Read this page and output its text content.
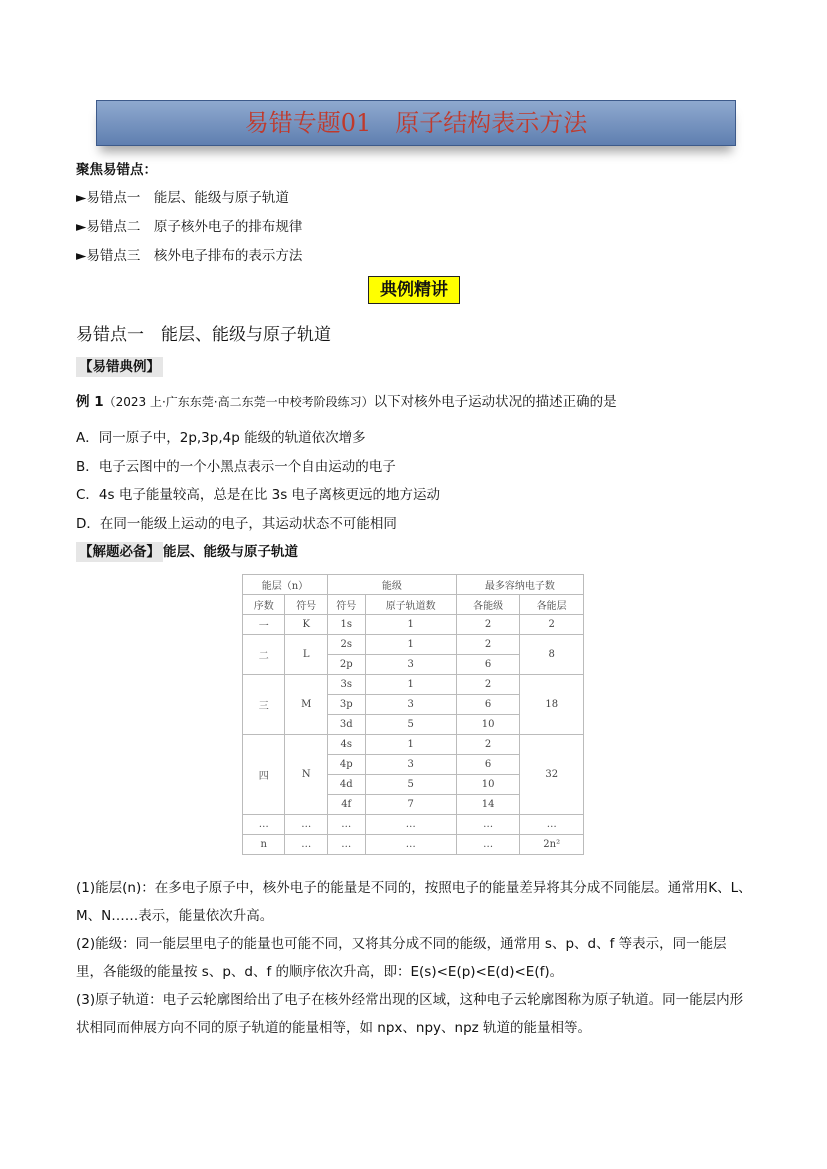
易错专题01　原子结构表示方法
聚焦易错点：
►易错点一　能层、能级与原子轨道
►易错点二　原子核外电子的排布规律
►易错点三　核外电子排布的表示方法
典例精讲
易错点一　能层、能级与原子轨道
【易错典例】
例 1（2023 上·广东东莞·高二东莞一中校考阶段练习）以下对核外电子运动状况的描述正确的是
A．同一原子中，2p,3p,4p 能级的轨道依次增多
B．电子云图中的一个小黑点表示一个自由运动的电子
C．4s 电子能量较高，总是在比 3s 电子离核更远的地方运动
D．在同一能级上运动的电子，其运动状态不可能相同
【解题必备】 能层、能级与原子轨道
能层（n）		能级		最多容纳电子数	
序数	符号	符号	原子轨道数	各能级	各能层
一	K	1s	1	2	2
二	L	2s	1	2	8
		2p	3	6	
三	M	3s	1	2	18
		3p	3	6	
		3d	5	10	
四	N	4s	1	2	32
		4p	3	6	
		4d	5	10	
		4f	7	14	
…	…	…	…	…	…
n	…	…	…	…	2n²
(1)能层(n)：在多电子原子中，核外电子的能量是不同的，按照电子的能量差异将其分成不同能层。通常用K、L、M、N……表示，能量依次升高。
(2)能级：同一能层里电子的能量也可能不同，又将其分成不同的能级，通常用 s、p、d、f 等表示，同一能层里，各能级的能量按 s、p、d、f 的顺序依次升高，即：E(s)<E(p)<E(d)<E(f)。
(3)原子轨道：电子云轮廓图给出了电子在核外经常出现的区域，这种电子云轮廓图称为原子轨道。同一能层内形状相同而伸展方向不同的原子轨道的能量相等，如 npx、npy、npz 轨道的能量相等。
